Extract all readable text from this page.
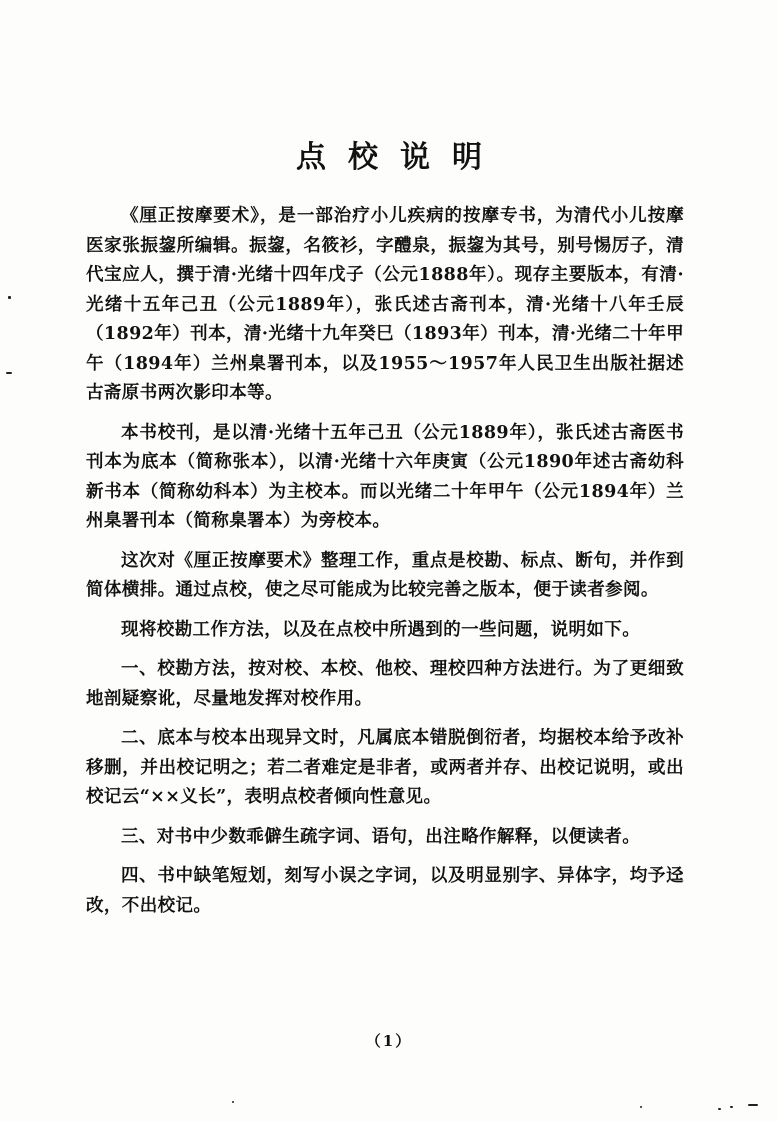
点校说明

《厘正按摩要术》，是一部治疗小儿疾病的按摩专书，为清代小儿按摩医家张振鋆所编辑。振鋆，名筱衫，字醴泉，振鋆为其号，别号惕厉子，清代宝应人，撰于清·光绪十四年戊子（公元1888年）。现存主要版本，有清·光绪十五年己丑（公元1889年），张氏述古斋刊本，清·光绪十八年壬辰（1892年）刊本，清·光绪十九年癸巳（1893年）刊本，清·光绪二十年甲午（1894年）兰州臬署刊本，以及1955～1957年人民卫生出版社据述古斋原书两次影印本等。

本书校刊，是以清·光绪十五年己丑（公元1889年），张氏述古斋医书刊本为底本（简称张本），以清·光绪十六年庚寅（公元1890年述古斋幼科新书本（简称幼科本）为主校本。而以光绪二十年甲午（公元1894年）兰州臬署刊本（简称臬署本）为旁校本。

这次对《厘正按摩要术》整理工作，重点是校勘、标点、断句，并作到简体横排。通过点校，使之尽可能成为比较完善之版本，便于读者参阅。

现将校勘工作方法，以及在点校中所遇到的一些问题，说明如下。

一、校勘方法，按对校、本校、他校、理校四种方法进行。为了更细致地剖疑察讹，尽量地发挥对校作用。

二、底本与校本出现异文时，凡属底本错脱倒衍者，均据校本给予改补移删，并出校记明之；若二者难定是非者，或两者并存、出校记说明，或出校记云“××义长”，表明点校者倾向性意见。

三、对书中少数乖僻生疏字词、语句，出注略作解释，以便读者。

四、书中缺笔短划，刻写小误之字词，以及明显别字、异体字，均予迳改，不出校记。

（1）
